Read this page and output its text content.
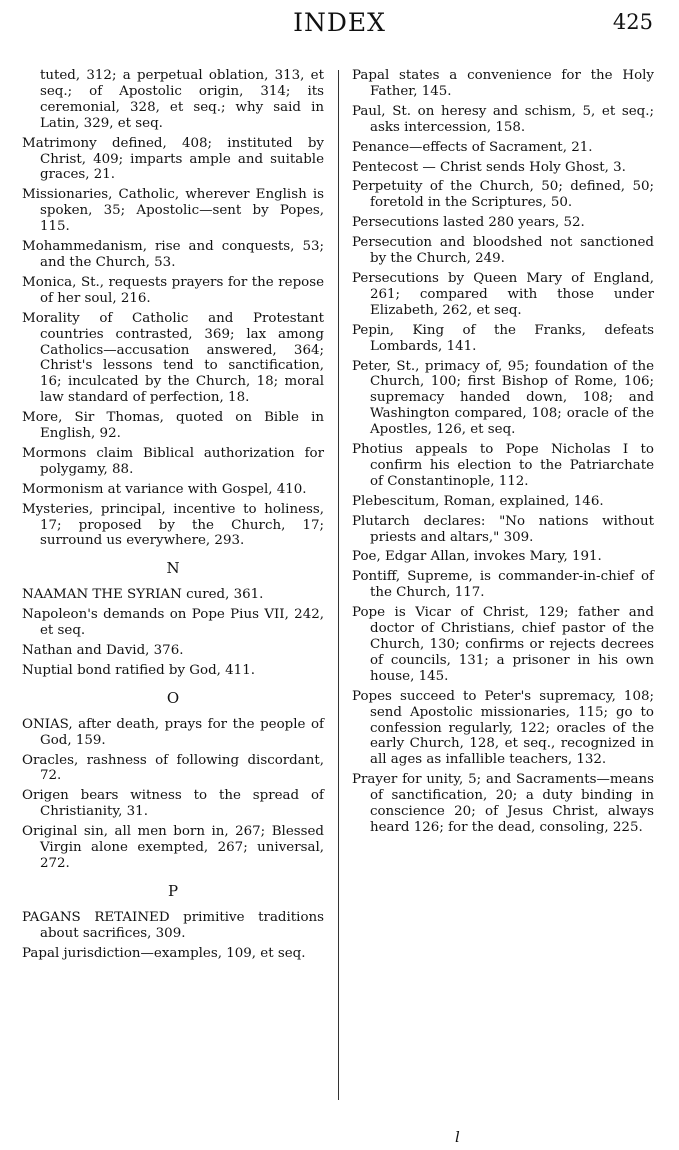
INDEX	425
tuted, 312; a perpetual oblation, 313, et seq.; of Apostolic origin, 314; its ceremonial, 328, et seq.; why said in Latin, 329, et seq.
Matrimony defined, 408; instituted by Christ, 409; imparts ample and suitable graces, 21.
Missionaries, Catholic, wherever English is spoken, 35; Apostolic—sent by Popes, 115.
Mohammedanism, rise and conquests, 53; and the Church, 53.
Monica, St., requests prayers for the repose of her soul, 216.
Morality of Catholic and Protestant countries contrasted, 369; lax among Catholics—accusation answered, 364; Christ's lessons tend to sanctification, 16; inculcated by the Church, 18; moral law standard of perfection, 18.
More, Sir Thomas, quoted on Bible in English, 92.
Mormons claim Biblical authorization for polygamy, 88.
Mormonism at variance with Gospel, 410.
Mysteries, principal, incentive to holiness, 17; proposed by the Church, 17; surround us everywhere, 293.
N
NAAMAN THE SYRIAN cured, 361.
Napoleon's demands on Pope Pius VII, 242, et seq.
Nathan and David, 376.
Nuptial bond ratified by God, 411.
O
ONIAS, after death, prays for the people of God, 159.
Oracles, rashness of following discordant, 72.
Origen bears witness to the spread of Christianity, 31.
Original sin, all men born in, 267; Blessed Virgin alone exempted, 267; universal, 272.
P
PAGANS RETAINED primitive traditions about sacrifices, 309.
Papal jurisdiction—examples, 109, et seq.
Papal states a convenience for the Holy Father, 145.
Paul, St. on heresy and schism, 5, et seq.; asks intercession, 158.
Penance—effects of Sacrament, 21.
Pentecost — Christ sends Holy Ghost, 3.
Perpetuity of the Church, 50; defined, 50; foretold in the Scriptures, 50.
Persecutions lasted 280 years, 52.
Persecution and bloodshed not sanctioned by the Church, 249.
Persecutions by Queen Mary of England, 261; compared with those under Elizabeth, 262, et seq.
Pepin, King of the Franks, defeats Lombards, 141.
Peter, St., primacy of, 95; foundation of the Church, 100; first Bishop of Rome, 106; supremacy handed down, 108; and Washington compared, 108; oracle of the Apostles, 126, et seq.
Photius appeals to Pope Nicholas I to confirm his election to the Patriarchate of Constantinople, 112.
Plebescitum, Roman, explained, 146.
Plutarch declares: "No nations without priests and altars," 309.
Poe, Edgar Allan, invokes Mary, 191.
Pontiff, Supreme, is commander-in-chief of the Church, 117.
Pope is Vicar of Christ, 129; father and doctor of Christians, chief pastor of the Church, 130; confirms or rejects decrees of councils, 131; a prisoner in his own house, 145.
Popes succeed to Peter's supremacy, 108; send Apostolic missionaries, 115; go to confession regularly, 122; oracles of the early Church, 128, et seq., recognized in all ages as infallible teachers, 132.
Prayer for unity, 5; and Sacraments—means of sanctification, 20; a duty binding in conscience 20; of Jesus Christ, always heard 126; for the dead, consoling, 225.
l
